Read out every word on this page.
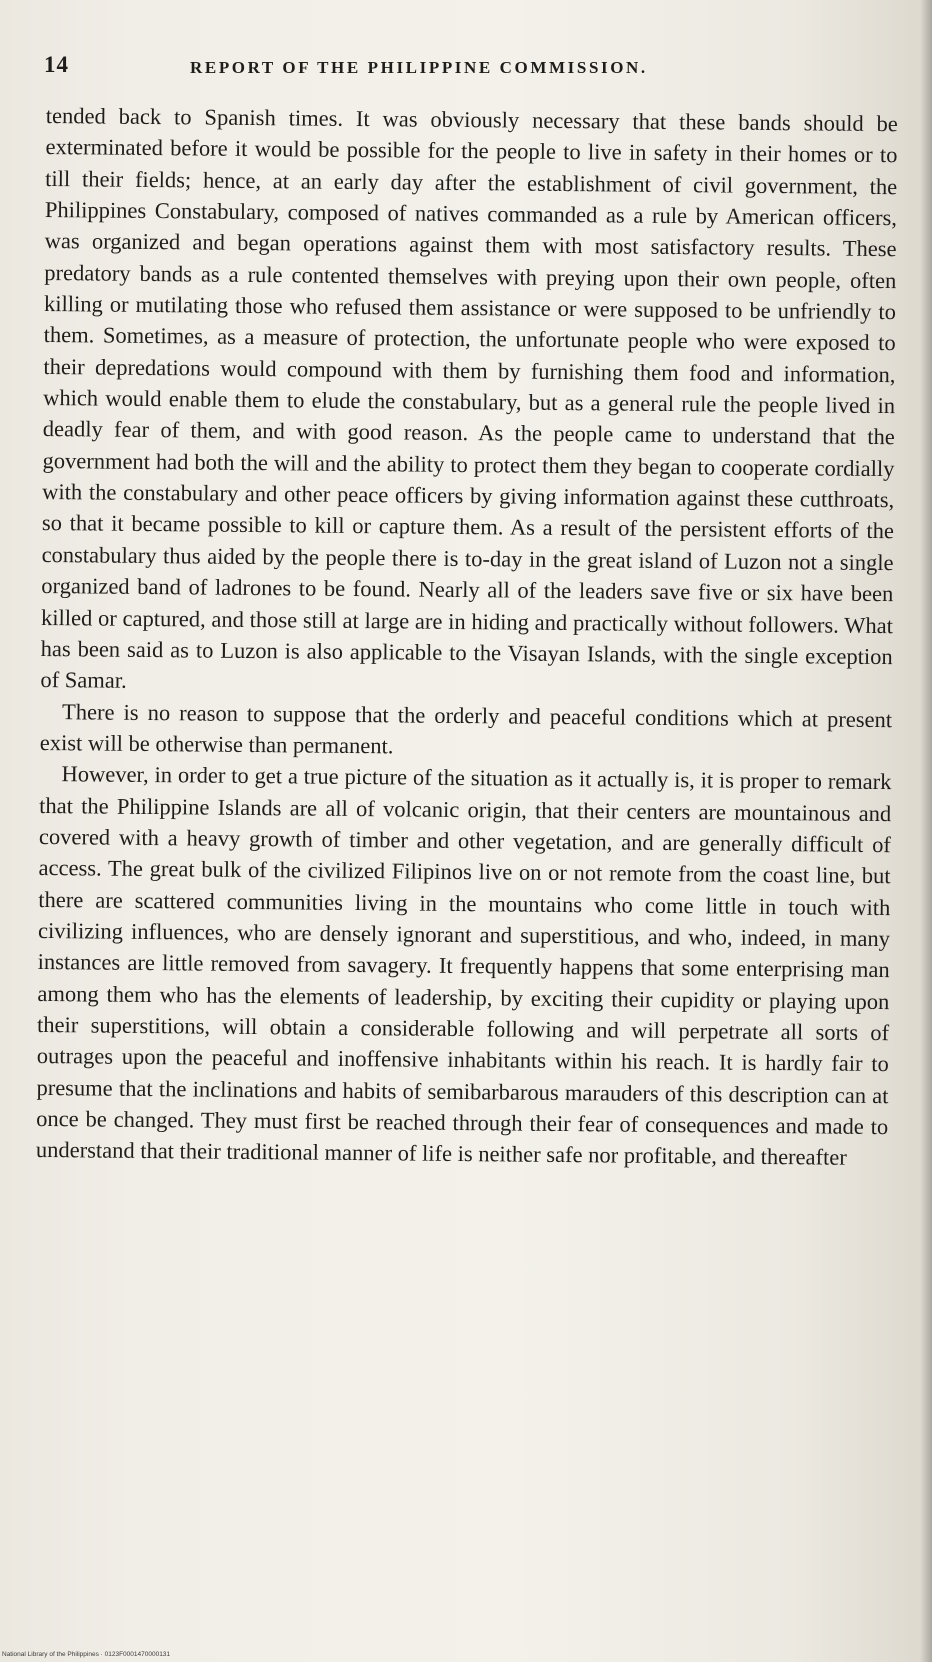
14	REPORT OF THE PHILIPPINE COMMISSION.

tended back to Spanish times. It was obviously necessary that these bands should be exterminated before it would be possible for the people to live in safety in their homes or to till their fields; hence, at an early day after the establishment of civil government, the Philippines Constabulary, composed of natives commanded as a rule by American officers, was organized and began operations against them with most satisfactory results. These predatory bands as a rule contented themselves with preying upon their own people, often killing or mutilating those who refused them assistance or were supposed to be unfriendly to them. Sometimes, as a measure of protection, the unfortunate people who were exposed to their depredations would compound with them by furnishing them food and information, which would enable them to elude the constabulary, but as a general rule the people lived in deadly fear of them, and with good reason. As the people came to understand that the government had both the will and the ability to protect them they began to cooperate cordially with the constabulary and other peace officers by giving information against these cutthroats, so that it became possible to kill or capture them. As a result of the persistent efforts of the constabulary thus aided by the people there is to-day in the great island of Luzon not a single organized band of ladrones to be found. Nearly all of the leaders save five or six have been killed or captured, and those still at large are in hiding and practically without followers. What has been said as to Luzon is also applicable to the Visayan Islands, with the single exception of Samar.

There is no reason to suppose that the orderly and peaceful conditions which at present exist will be otherwise than permanent.

However, in order to get a true picture of the situation as it actually is, it is proper to remark that the Philippine Islands are all of volcanic origin, that their centers are mountainous and covered with a heavy growth of timber and other vegetation, and are generally difficult of access. The great bulk of the civilized Filipinos live on or not remote from the coast line, but there are scattered communities living in the mountains who come little in touch with civilizing influences, who are densely ignorant and superstitious, and who, indeed, in many instances are little removed from savagery. It frequently happens that some enterprising man among them who has the elements of leadership, by exciting their cupidity or playing upon their superstitions, will obtain a considerable following and will perpetrate all sorts of outrages upon the peaceful and inoffensive inhabitants within his reach. It is hardly fair to presume that the inclinations and habits of semibarbarous marauders of this description can at once be changed. They must first be reached through their fear of consequences and made to understand that their traditional manner of life is neither safe nor profitable, and thereafter

National Library of the Philippines · 0123F0001470000131
